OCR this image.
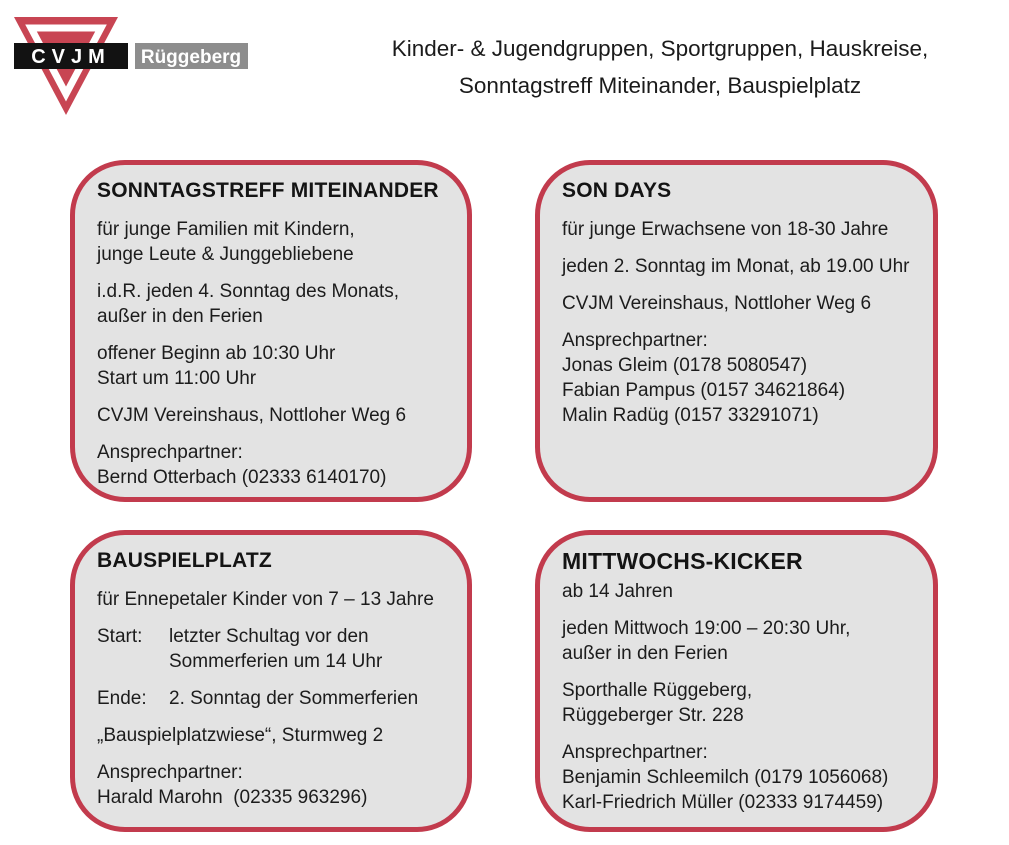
CVJM Rüggeberg	Kinder- & Jugendgruppen, Sportgruppen, Hauskreise,
Sonntagstreff Miteinander, Bauspielplatz
SONNTAGSTREFF MITEINANDER
für junge Familien mit Kindern,
junge Leute & Junggebliebene
i.d.R. jeden 4. Sonntag des Monats,
außer in den Ferien
offener Beginn ab 10:30 Uhr
Start um 11:00 Uhr
CVJM Vereinshaus, Nottloher Weg 6
Ansprechpartner:
Bernd Otterbach (02333 6140170)
SON DAYS
für junge Erwachsene von 18-30 Jahre
jeden 2. Sonntag im Monat, ab 19.00 Uhr
CVJM Vereinshaus, Nottloher Weg 6
Ansprechpartner:
Jonas Gleim (0178 5080547)
Fabian Pampus (0157 34621864)
Malin Radüg (0157 33291071)
BAUSPIELPLATZ
für Ennepetaler Kinder von 7 – 13 Jahre
Start:	letzter Schultag vor den
Sommerferien um 14 Uhr
Ende:	2. Sonntag der Sommerferien
„Bauspielplatzwiese“, Sturmweg 2
Ansprechpartner:
Harald Marohn  (02335 963296)
MITTWOCHS-KICKER
ab 14 Jahren
jeden Mittwoch 19:00 – 20:30 Uhr,
außer in den Ferien
Sporthalle Rüggeberg,
Rüggeberger Str. 228
Ansprechpartner:
Benjamin Schleemilch (0179 1056068)
Karl-Friedrich Müller (02333 9174459)
